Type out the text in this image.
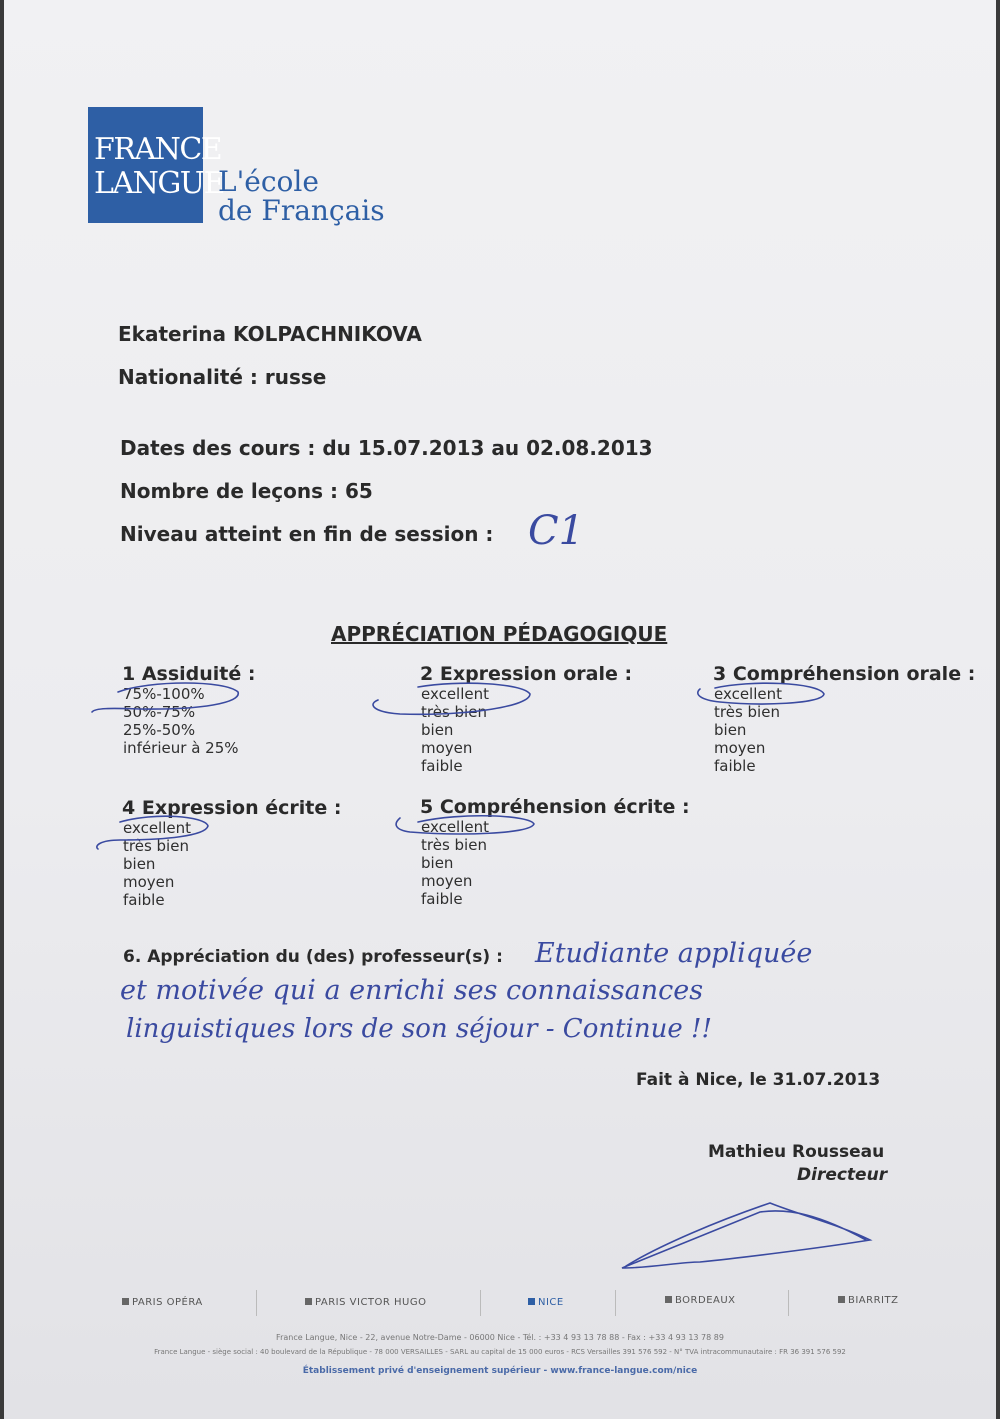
FRANCE
LANGUE
L'école
de Français
Ekaterina KOLPACHNIKOVA
Nationalité : russe
Dates des cours : du 15.07.2013 au 02.08.2013
Nombre de leçons : 65
Niveau atteint en fin de session : C1
APPRÉCIATION PÉDAGOGIQUE
1 Assiduité :
75%-100%
50%-75%
25%-50%
inférieur à 25%
2 Expression orale :
excellent
très bien
bien
moyen
faible
3 Compréhension orale :
excellent
très bien
bien
moyen
faible
4 Expression écrite :
excellent
très bien
bien
moyen
faible
5 Compréhension écrite :
excellent
très bien
bien
moyen
faible
6. Appréciation du (des) professeur(s) : Etudiante appliquée
et motivée qui a enrichi ses connaissances
linguistiques lors de son séjour - Continue !!
Fait à Nice, le 31.07.2013
Mathieu Rousseau
Directeur
PARIS OPÉRA	PARIS VICTOR HUGO	NICE	BORDEAUX	BIARRITZ
France Langue, Nice - 22, avenue Notre-Dame - 06000 Nice - Tél. : +33 4 93 13 78 88 - Fax : +33 4 93 13 78 89
France Langue - siège social : 40 boulevard de la République - 78 000 VERSAILLES - SARL au capital de 15 000 euros - RCS Versailles 391 576 592 - N° TVA intracommunautaire : FR 36 391 576 592
Établissement privé d'enseignement supérieur - www.france-langue.com/nice
